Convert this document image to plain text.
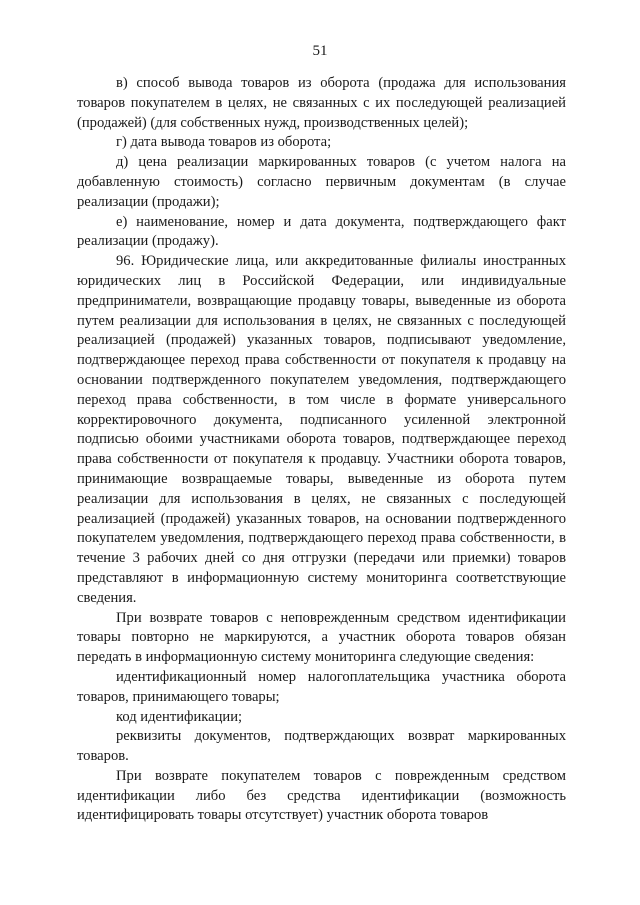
51

в) способ вывода товаров из оборота (продажа для использования товаров покупателем в целях, не связанных с их последующей реализацией (продажей) (для собственных нужд, производственных целей);

г) дата вывода товаров из оборота;

д) цена реализации маркированных товаров (с учетом налога на добавленную стоимость) согласно первичным документам (в случае реализации (продажи);

е) наименование, номер и дата документа, подтверждающего факт реализации (продажу).

96. Юридические лица, или аккредитованные филиалы иностранных юридических лиц в Российской Федерации, или индивидуальные предприниматели, возвращающие продавцу товары, выведенные из оборота путем реализации для использования в целях, не связанных с последующей реализацией (продажей) указанных товаров, подписывают уведомление, подтверждающее переход права собственности от покупателя к продавцу на основании подтвержденного покупателем уведомления, подтверждающего переход права собственности, в том числе в формате универсального корректировочного документа, подписанного усиленной электронной подписью обоими участниками оборота товаров, подтверждающее переход права собственности от покупателя к продавцу. Участники оборота товаров, принимающие возвращаемые товары, выведенные из оборота путем реализации для использования в целях, не связанных с последующей реализацией (продажей) указанных товаров, на основании подтвержденного покупателем уведомления, подтверждающего переход права собственности, в течение 3 рабочих дней со дня отгрузки (передачи или приемки) товаров представляют в информационную систему мониторинга соответствующие сведения.

При возврате товаров с неповрежденным средством идентификации товары повторно не маркируются, а участник оборота товаров обязан передать в информационную систему мониторинга следующие сведения:

идентификационный номер налогоплательщика участника оборота товаров, принимающего товары;

код идентификации;

реквизиты документов, подтверждающих возврат маркированных товаров.

При возврате покупателем товаров с поврежденным средством идентификации либо без средства идентификации (возможность идентифицировать товары отсутствует) участник оборота товаров
